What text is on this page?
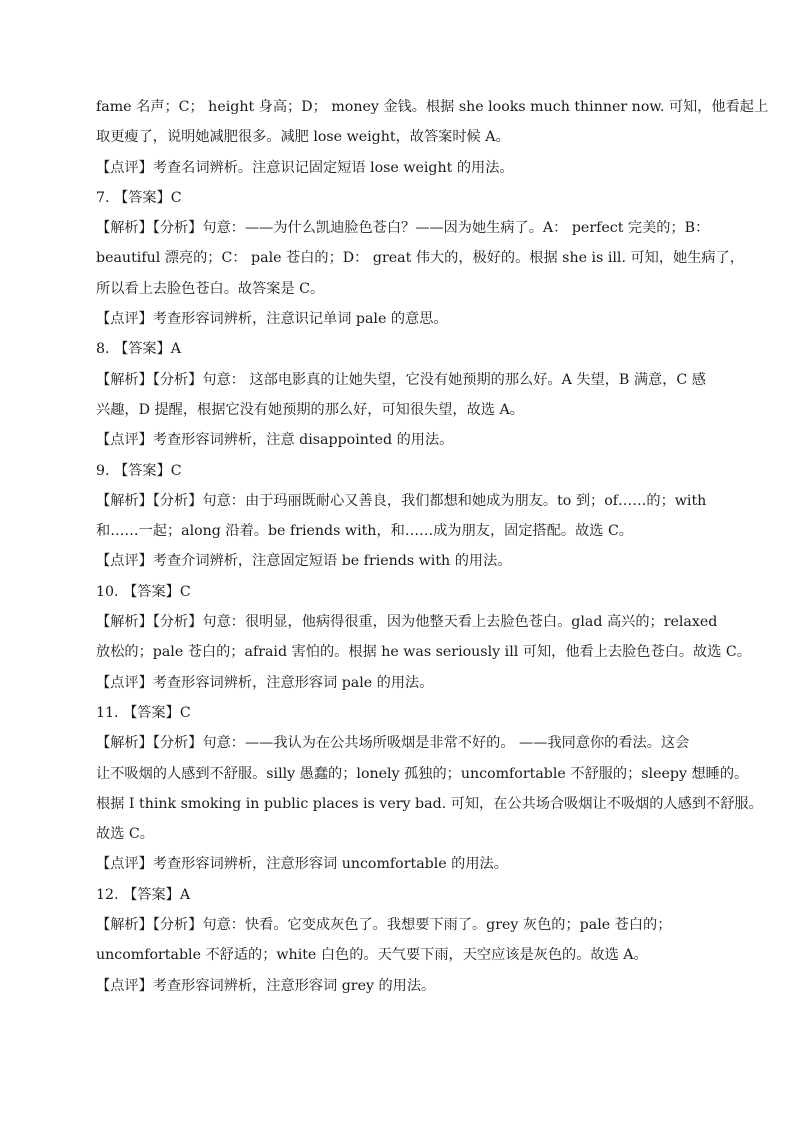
fame 名声；C； height 身高；D； money 金钱。根据 she looks much thinner now. 可知，他看起上
取更瘦了，说明她减肥很多。减肥 lose weight，故答案时候 A。
【点评】考查名词辨析。注意识记固定短语 lose weight 的用法。
7. 【答案】C
【解析】【分析】句意：——为什么凯迪脸色苍白？——因为她生病了。A： perfect 完美的；B：
beautiful 漂亮的；C： pale 苍白的；D： great 伟大的，极好的。根据 she is ill. 可知，她生病了，
所以看上去脸色苍白。故答案是 C。
【点评】考查形容词辨析，注意识记单词 pale 的意思。
8. 【答案】A
【解析】【分析】句意： 这部电影真的让她失望，它没有她预期的那么好。A 失望，B 满意，C 感
兴趣，D 提醒，根据它没有她预期的那么好，可知很失望，故选 A。
【点评】考查形容词辨析，注意 disappointed 的用法。
9. 【答案】C
【解析】【分析】句意：由于玛丽既耐心又善良，我们都想和她成为朋友。to 到；of……的；with
和……一起；along 沿着。be friends with，和……成为朋友，固定搭配。故选 C。
【点评】考查介词辨析，注意固定短语 be friends with 的用法。
10. 【答案】C
【解析】【分析】句意：很明显，他病得很重，因为他整天看上去脸色苍白。glad 高兴的；relaxed
放松的；pale 苍白的；afraid 害怕的。根据 he was seriously ill 可知，他看上去脸色苍白。故选 C。
【点评】考查形容词辨析，注意形容词 pale 的用法。
11. 【答案】C
【解析】【分析】句意：——我认为在公共场所吸烟是非常不好的。 ——我同意你的看法。这会
让不吸烟的人感到不舒服。silly 愚蠢的；lonely 孤独的；uncomfortable 不舒服的；sleepy 想睡的。
根据 I think smoking in public places is very bad. 可知，在公共场合吸烟让不吸烟的人感到不舒服。
故选 C。
【点评】考查形容词辨析，注意形容词 uncomfortable 的用法。
12. 【答案】A
【解析】【分析】句意：快看。它变成灰色了。我想要下雨了。grey 灰色的；pale 苍白的；
uncomfortable 不舒适的；white 白色的。天气要下雨，天空应该是灰色的。故选 A。
【点评】考查形容词辨析，注意形容词 grey 的用法。
